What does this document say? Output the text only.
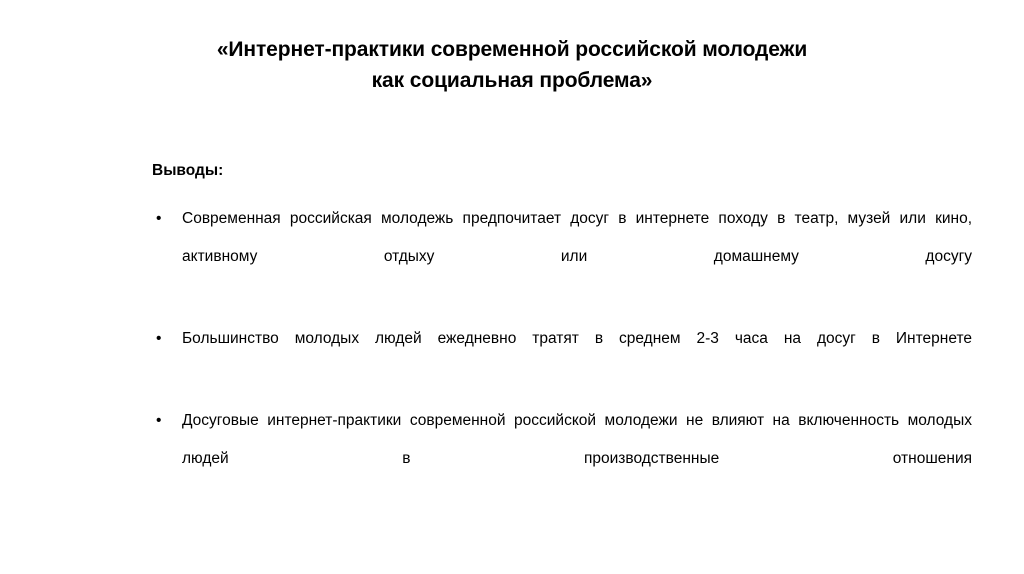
«Интернет-практики современной российской молодежи
как социальная проблема»
Выводы:
• Современная российская молодежь предпочитает досуг в интернете походу в театр, музей или кино, активному отдыху или домашнему досугу
• Большинство молодых людей ежедневно тратят в среднем 2-3 часа на досуг в Интернете
• Досуговые интернет-практики современной российской молодежи не влияют на включенность молодых людей в производственные отношения
